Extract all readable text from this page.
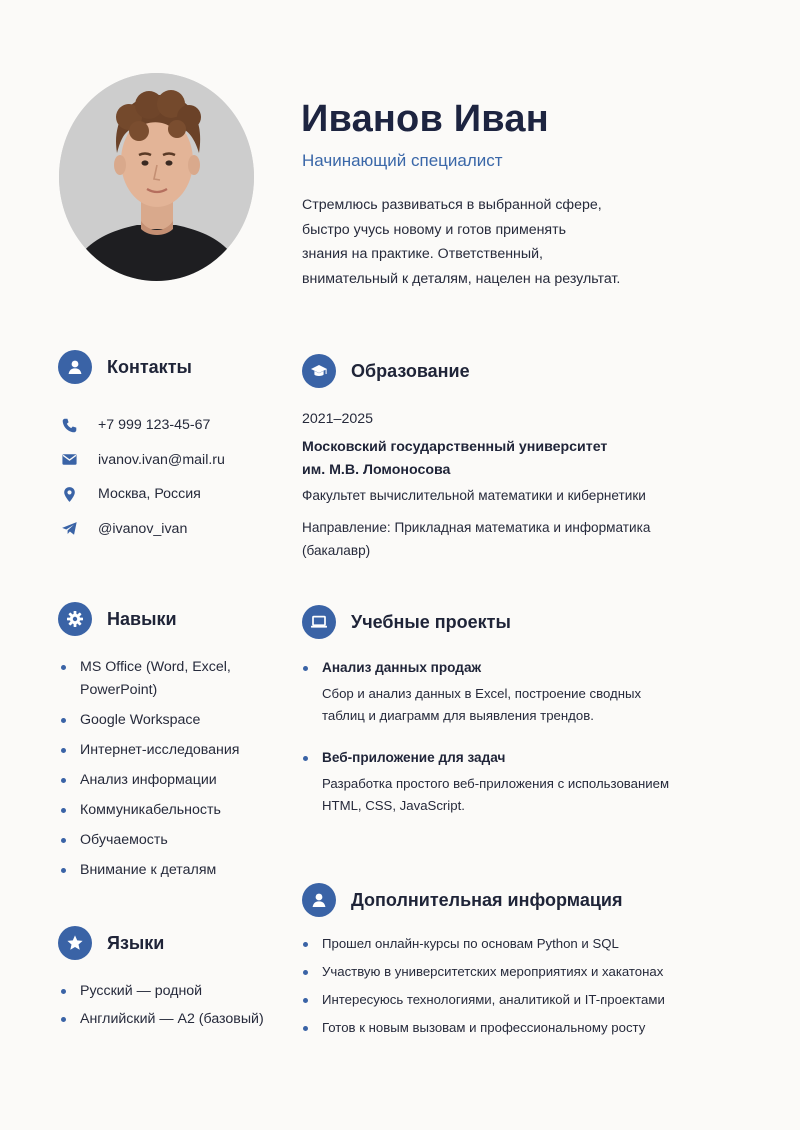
Иванов Иван
Начинающий специалист
Стремлюсь развиваться в выбранной сфере,
быстро учусь новому и готов применять
знания на практике. Ответственный,
внимательный к деталям, нацелен на результат.
Контакты
+7 999 123-45-67
ivanov.ivan@mail.ru
Москва, Россия
@ivanov_ivan
Образование
2021–2025
Московский государственный университет
им. М.В. Ломоносова
Факультет вычислительной математики и кибернетики
Направление: Прикладная математика и информатика
(бакалавр)
Навыки
MS Office (Word, Excel,
PowerPoint)
Google Workspace
Интернет-исследования
Анализ информации
Коммуникабельность
Обучаемость
Внимание к деталям
Учебные проекты
Анализ данных продаж
Сбор и анализ данных в Excel, построение сводных
таблиц и диаграмм для выявления трендов.
Веб-приложение для задач
Разработка простого веб-приложения с использованием
HTML, CSS, JavaScript.
Языки
Русский — родной
Английский — A2 (базовый)
Дополнительная информация
Прошел онлайн-курсы по основам Python и SQL
Участвую в университетских мероприятиях и хакатонах
Интересуюсь технологиями, аналитикой и IT-проектами
Готов к новым вызовам и профессиональному росту
